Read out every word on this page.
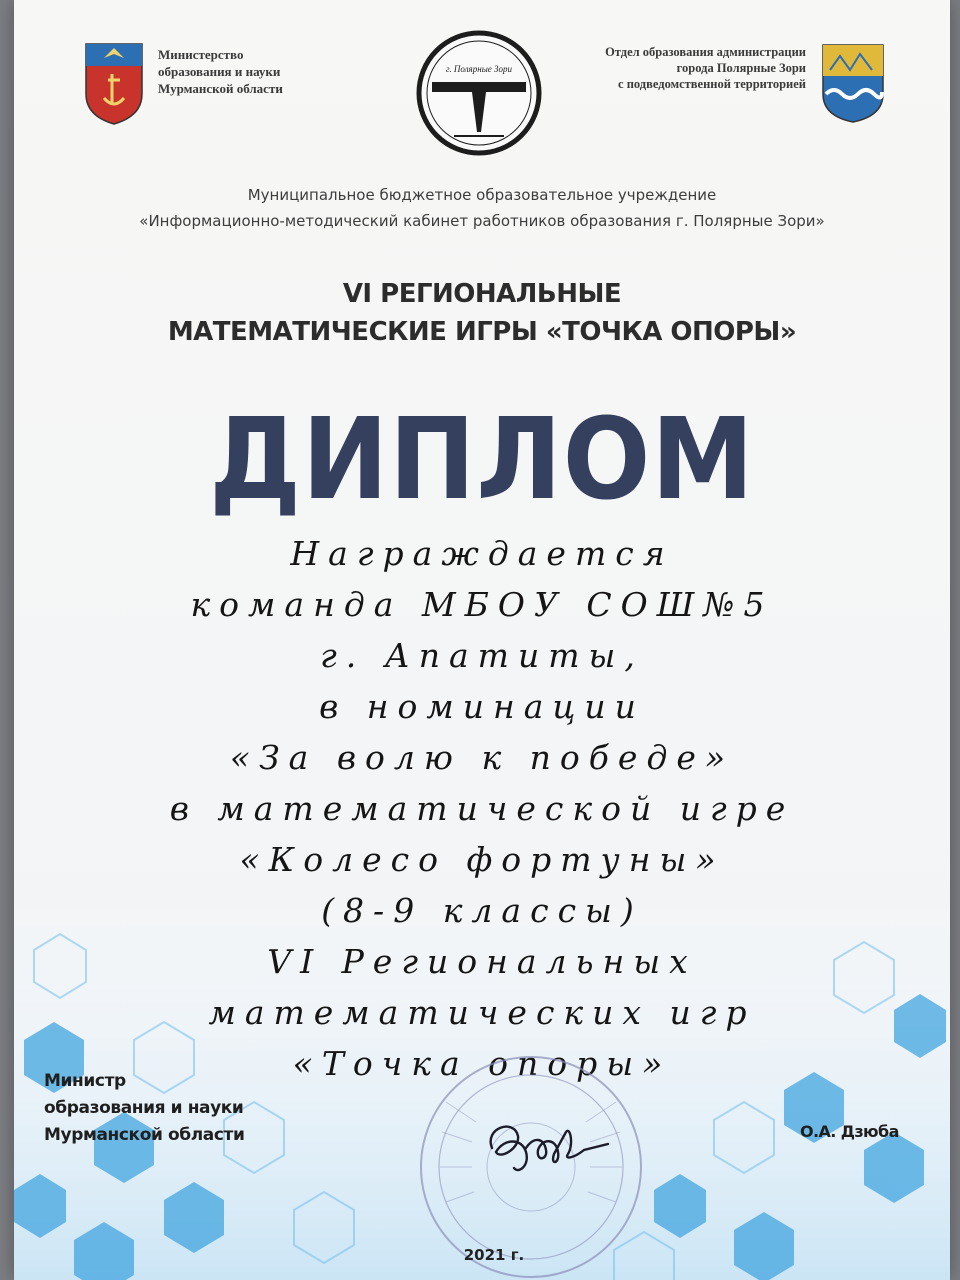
Министерство
образования и науки
Мурманской области
г. Полярные Зори
Отдел образования администрации
города Полярные Зори
с подведомственной территорией
Муниципальное бюджетное образовательное учреждение
«Информационно-методический кабинет работников образования г. Полярные Зори»
VI РЕГИОНАЛЬНЫЕ
МАТЕМАТИЧЕСКИЕ ИГРЫ «ТОЧКА ОПОРЫ»
ДИПЛОМ
Награждается
команда МБОУ СОШ№5
г. Апатиты,
в номинации
«За волю к победе»
в математической игре
«Колесо фортуны»
(8-9 классы)
VI Региональных
математических игр
«Точка опоры»
Министр
образования и науки
Мурманской области	О.А. Дзюба
2021 г.
